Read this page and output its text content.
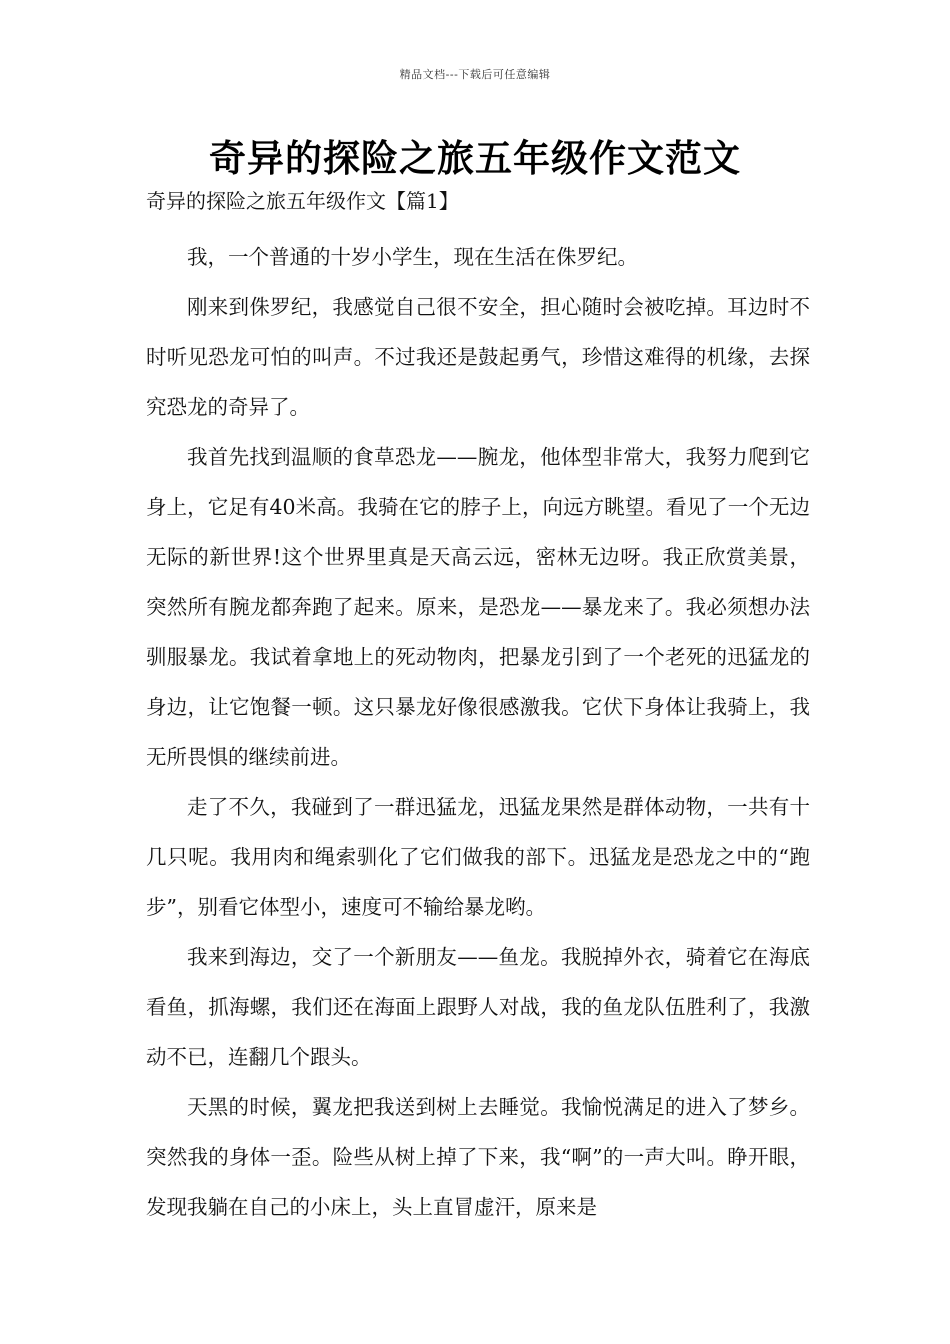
精品文档---下载后可任意编辑
奇异的探险之旅五年级作文范文
奇异的探险之旅五年级作文【篇1】

我，一个普通的十岁小学生，现在生活在侏罗纪。

刚来到侏罗纪，我感觉自己很不安全，担心随时会被吃掉。耳边时不时听见恐龙可怕的叫声。不过我还是鼓起勇气，珍惜这难得的机缘，去探究恐龙的奇异了。

我首先找到温顺的食草恐龙——腕龙，他体型非常大，我努力爬到它身上，它足有40米高。我骑在它的脖子上，向远方眺望。看见了一个无边无际的新世界!这个世界里真是天高云远，密林无边呀。我正欣赏美景，突然所有腕龙都奔跑了起来。原来，是恐龙——暴龙来了。我必须想办法驯服暴龙。我试着拿地上的死动物肉，把暴龙引到了一个老死的迅猛龙的身边，让它饱餐一顿。这只暴龙好像很感激我。它伏下身体让我骑上，我无所畏惧的继续前进。

走了不久，我碰到了一群迅猛龙，迅猛龙果然是群体动物，一共有十几只呢。我用肉和绳索驯化了它们做我的部下。迅猛龙是恐龙之中的“跑步”，别看它体型小，速度可不输给暴龙哟。

我来到海边，交了一个新朋友——鱼龙。我脱掉外衣，骑着它在海底看鱼，抓海螺，我们还在海面上跟野人对战，我的鱼龙队伍胜利了，我激动不已，连翻几个跟头。

天黑的时候，翼龙把我送到树上去睡觉。我愉悦满足的进入了梦乡。突然我的身体一歪。险些从树上掉了下来，我“啊”的一声大叫。睁开眼，发现我躺在自己的小床上，头上直冒虚汗，原来是
